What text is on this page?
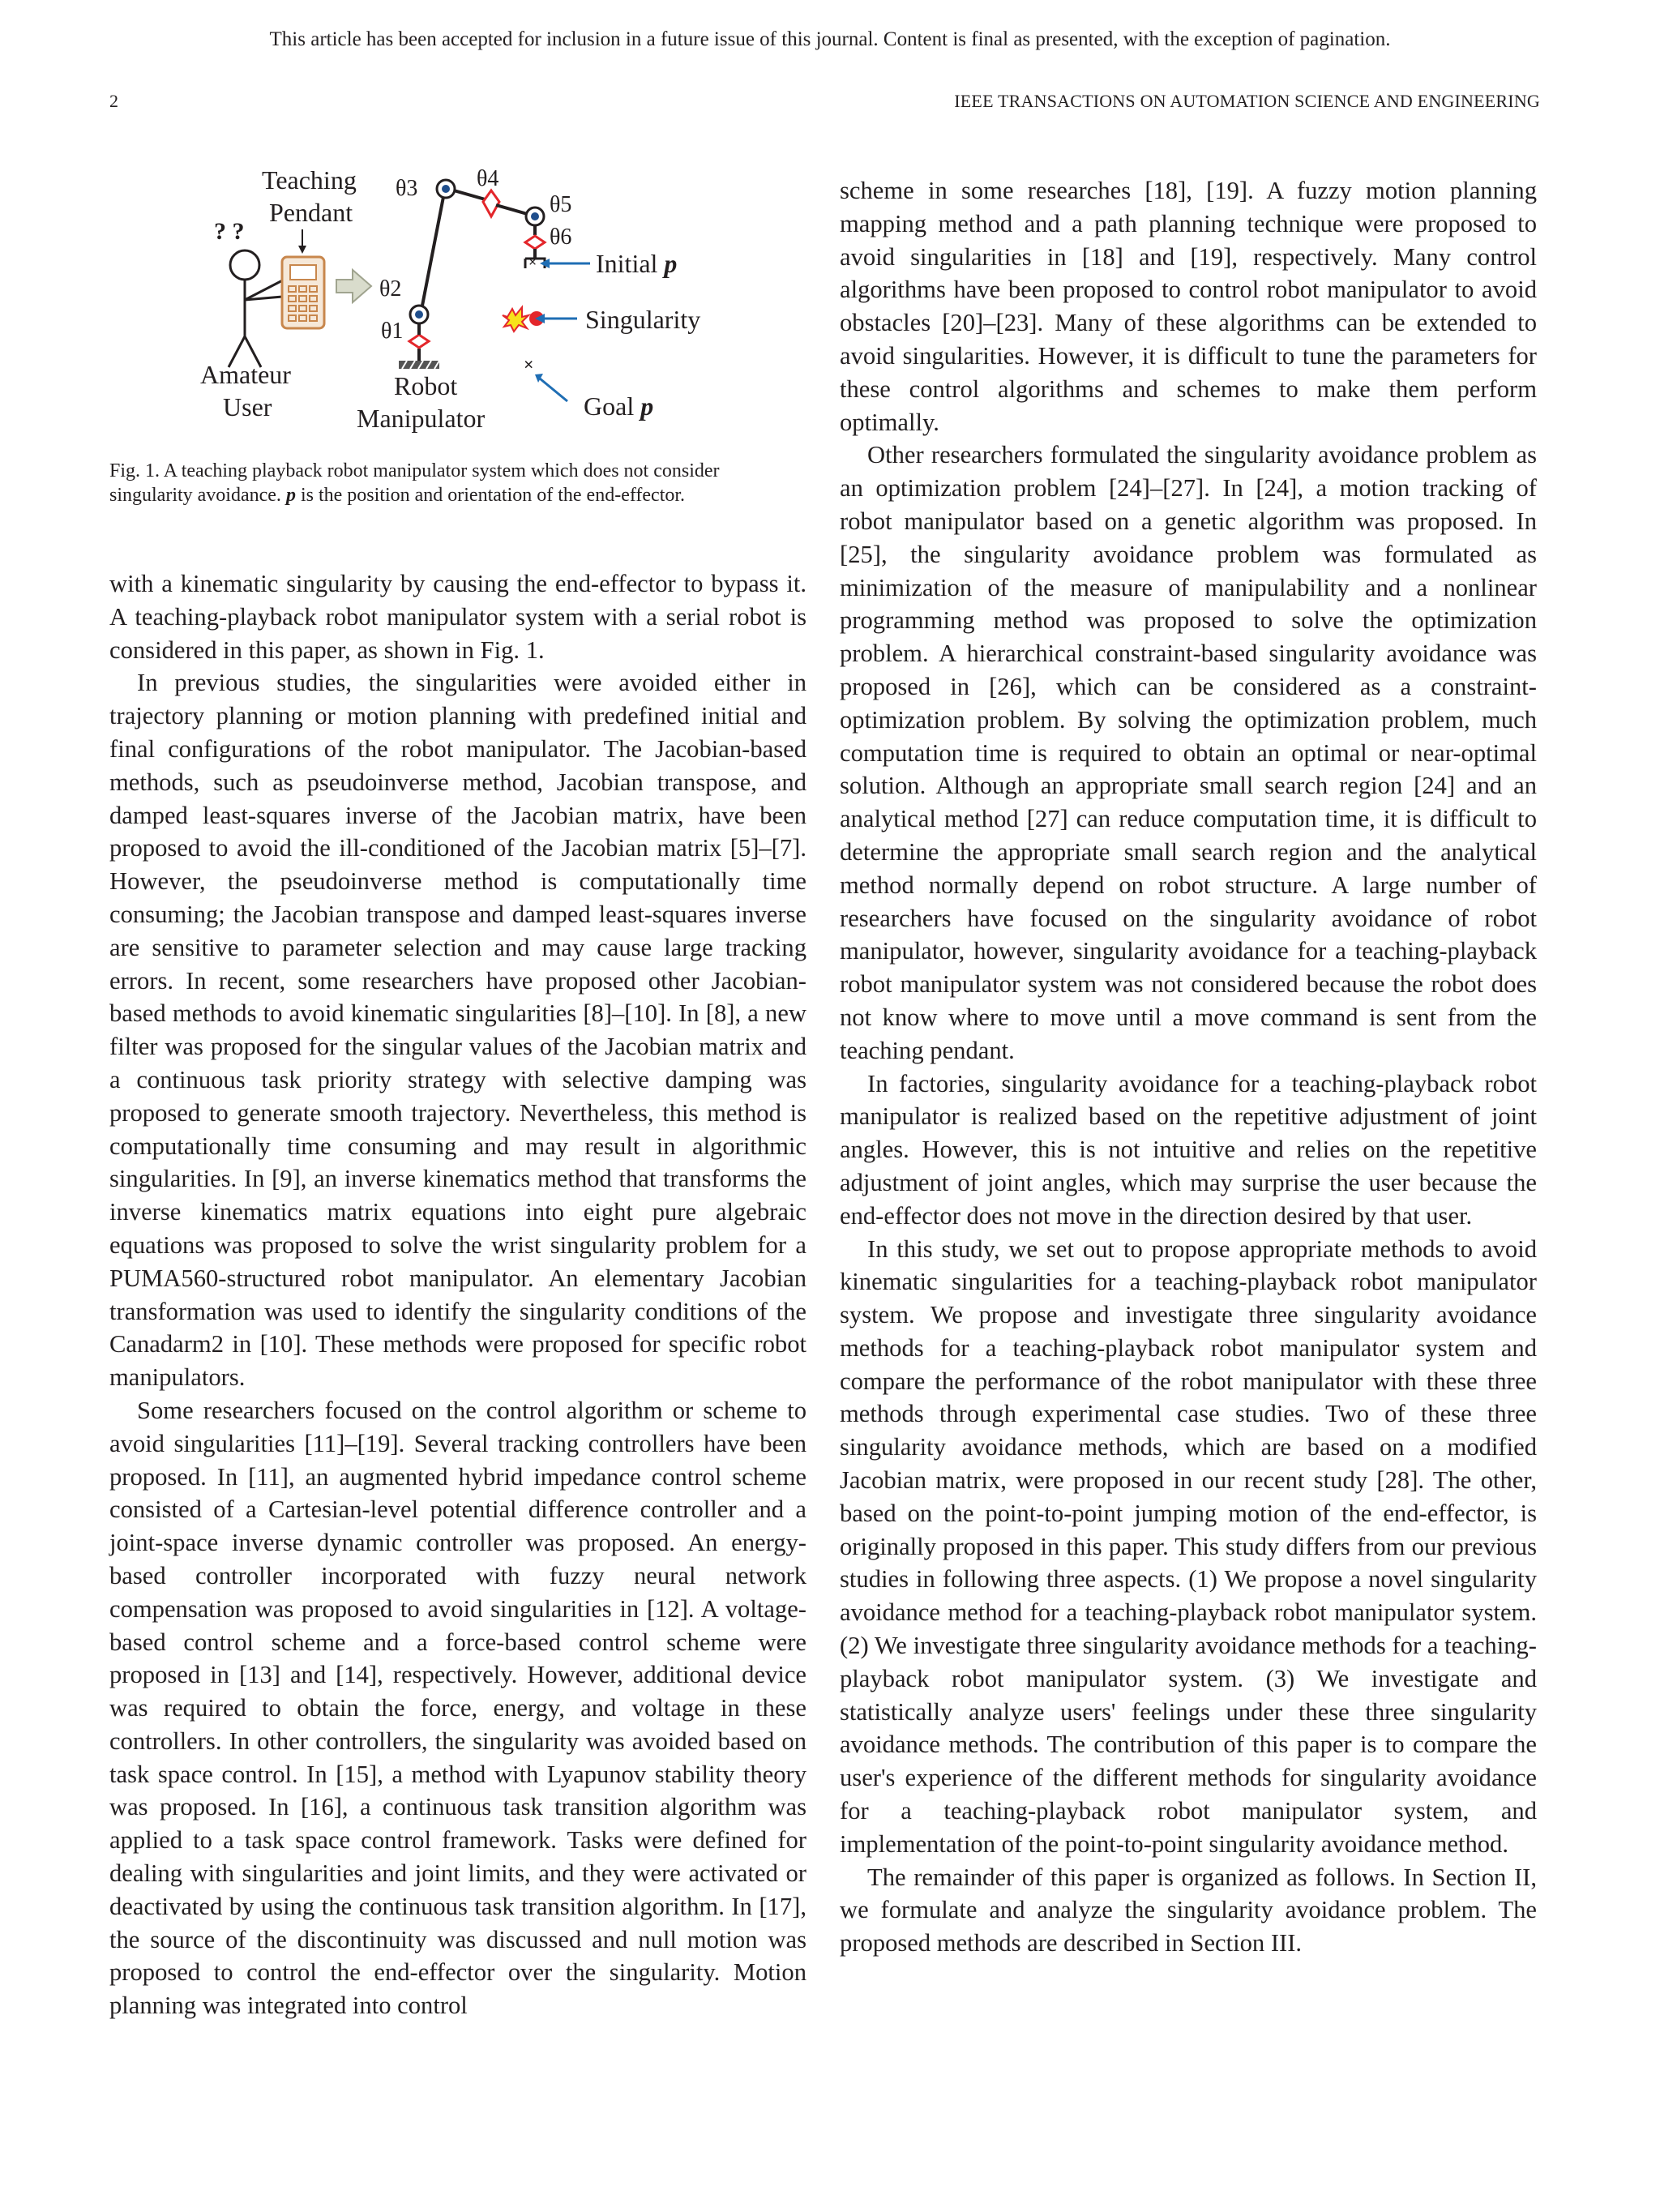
This article has been accepted for inclusion in a future issue of this journal. Content is final as presented, with the exception of pagination.
2	IEEE TRANSACTIONS ON AUTOMATION SCIENCE AND ENGINEERING
Teaching
Pendant
? ?
Amateur
User
×
θ3	θ4
θ5
θ6
θ2
θ1
Initial p
Singularity
×
Goal p
Robot
Manipulator
Fig. 1. A teaching playback robot manipulator system which does not consider singularity avoidance. p is the position and orientation of the end-effector.

with a kinematic singularity by causing the end-effector to bypass it. A teaching-playback robot manipulator system with a serial robot is considered in this paper, as shown in Fig. 1.

In previous studies, the singularities were avoided either in trajectory planning or motion planning with predefined initial and final configurations of the robot manipulator. The Jacobian-based methods, such as pseudoinverse method, Jacobian transpose, and damped least-squares inverse of the Jacobian matrix, have been proposed to avoid the ill-conditioned of the Jacobian matrix [5]–[7]. However, the pseudoinverse method is computationally time consuming; the Jacobian transpose and damped least-squares inverse are sensitive to parameter selection and may cause large tracking errors. In recent, some researchers have proposed other Jacobian-based methods to avoid kinematic singularities [8]–[10]. In [8], a new filter was proposed for the singular values of the Jacobian matrix and a continuous task priority strategy with selective damping was proposed to generate smooth trajectory. Nevertheless, this method is computationally time consuming and may result in algorithmic singularities. In [9], an inverse kinematics method that transforms the inverse kinematics matrix equations into eight pure algebraic equations was proposed to solve the wrist singularity problem for a PUMA560-structured robot manipulator. An elementary Jacobian transformation was used to identify the singularity conditions of the Canadarm2 in [10]. These methods were proposed for specific robot manipulators.

Some researchers focused on the control algorithm or scheme to avoid singularities [11]–[19]. Several tracking controllers have been proposed. In [11], an augmented hybrid impedance control scheme consisted of a Cartesian-level potential difference controller and a joint-space inverse dynamic controller was proposed. An energy-based controller incorporated with fuzzy neural network compensation was proposed to avoid singularities in [12]. A voltage-based control scheme and a force-based control scheme were proposed in [13] and [14], respectively. However, additional device was required to obtain the force, energy, and voltage in these controllers. In other controllers, the singularity was avoided based on task space control. In [15], a method with Lyapunov stability theory was proposed. In [16], a continuous task transition algorithm was applied to a task space control framework. Tasks were defined for dealing with singularities and joint limits, and they were activated or deactivated by using the continuous task transition algorithm. In [17], the source of the discontinuity was discussed and null motion was proposed to control the end-effector over the singularity. Motion planning was integrated into control

scheme in some researches [18], [19]. A fuzzy motion planning mapping method and a path planning technique were proposed to avoid singularities in [18] and [19], respectively. Many control algorithms have been proposed to control robot manipulator to avoid obstacles [20]–[23]. Many of these algorithms can be extended to avoid singularities. However, it is difficult to tune the parameters for these control algorithms and schemes to make them perform optimally.

Other researchers formulated the singularity avoidance problem as an optimization problem [24]–[27]. In [24], a motion tracking of robot manipulator based on a genetic algorithm was proposed. In [25], the singularity avoidance problem was formulated as minimization of the measure of manipulability and a nonlinear programming method was proposed to solve the optimization problem. A hierarchical constraint-based singularity avoidance was proposed in [26], which can be considered as a constraint-optimization problem. By solving the optimization problem, much computation time is required to obtain an optimal or near-optimal solution. Although an appropriate small search region [24] and an analytical method [27] can reduce computation time, it is difficult to determine the appropriate small search region and the analytical method normally depend on robot structure. A large number of researchers have focused on the singularity avoidance of robot manipulator, however, singularity avoidance for a teaching-playback robot manipulator system was not considered because the robot does not know where to move until a move command is sent from the teaching pendant.

In factories, singularity avoidance for a teaching-playback robot manipulator is realized based on the repetitive adjustment of joint angles. However, this is not intuitive and relies on the repetitive adjustment of joint angles, which may surprise the user because the end-effector does not move in the direction desired by that user.

In this study, we set out to propose appropriate methods to avoid kinematic singularities for a teaching-playback robot manipulator system. We propose and investigate three singularity avoidance methods for a teaching-playback robot manipulator system and compare the performance of the robot manipulator with these three methods through experimental case studies. Two of these three singularity avoidance methods, which are based on a modified Jacobian matrix, were proposed in our recent study [28]. The other, based on the point-to-point jumping motion of the end-effector, is originally proposed in this paper. This study differs from our previous studies in following three aspects. (1) We propose a novel singularity avoidance method for a teaching-playback robot manipulator system. (2) We investigate three singularity avoidance methods for a teaching-playback robot manipulator system. (3) We investigate and statistically analyze users' feelings under these three singularity avoidance methods. The contribution of this paper is to compare the user's experience of the different methods for singularity avoidance for a teaching-playback robot manipulator system, and implementation of the point-to-point singularity avoidance method.

The remainder of this paper is organized as follows. In Section II, we formulate and analyze the singularity avoidance problem. The proposed methods are described in Section III.
